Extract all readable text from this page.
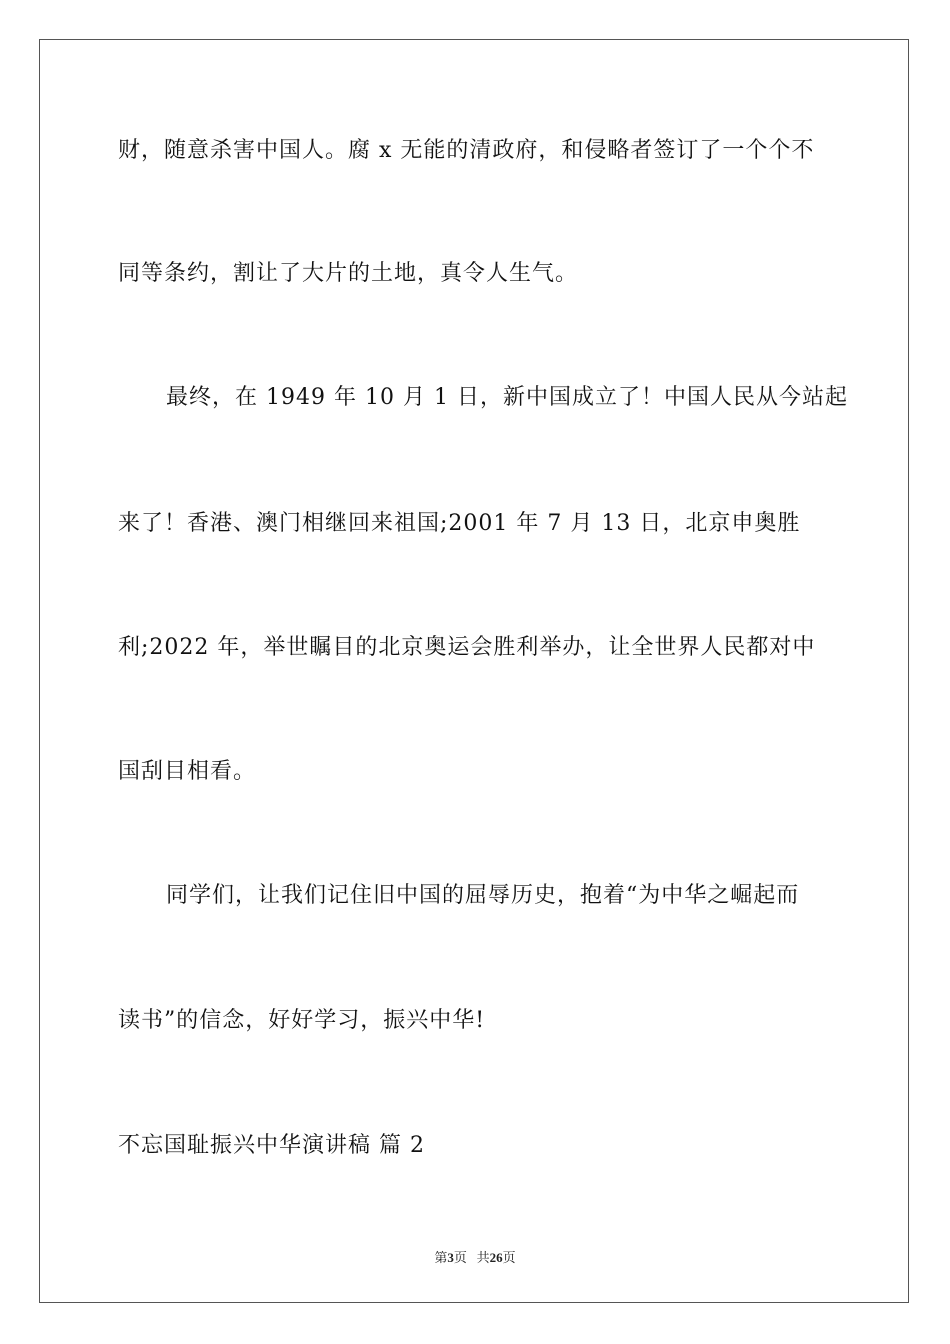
财，随意杀害中国人。腐 x 无能的清政府，和侵略者签订了一个个不
同等条约，割让了大片的土地，真令人生气。
最终，在 1949 年 10 月 1 日，新中国成立了！中国人民从今站起
来了！香港、澳门相继回来祖国;2001 年 7 月 13 日，北京申奥胜
利;2022 年，举世瞩目的北京奥运会胜利举办，让全世界人民都对中
国刮目相看。
同学们，让我们记住旧中国的屈辱历史，抱着“为中华之崛起而
读书”的信念，好好学习，振兴中华!
不忘国耻振兴中华演讲稿 篇 2
第3页 共26页
